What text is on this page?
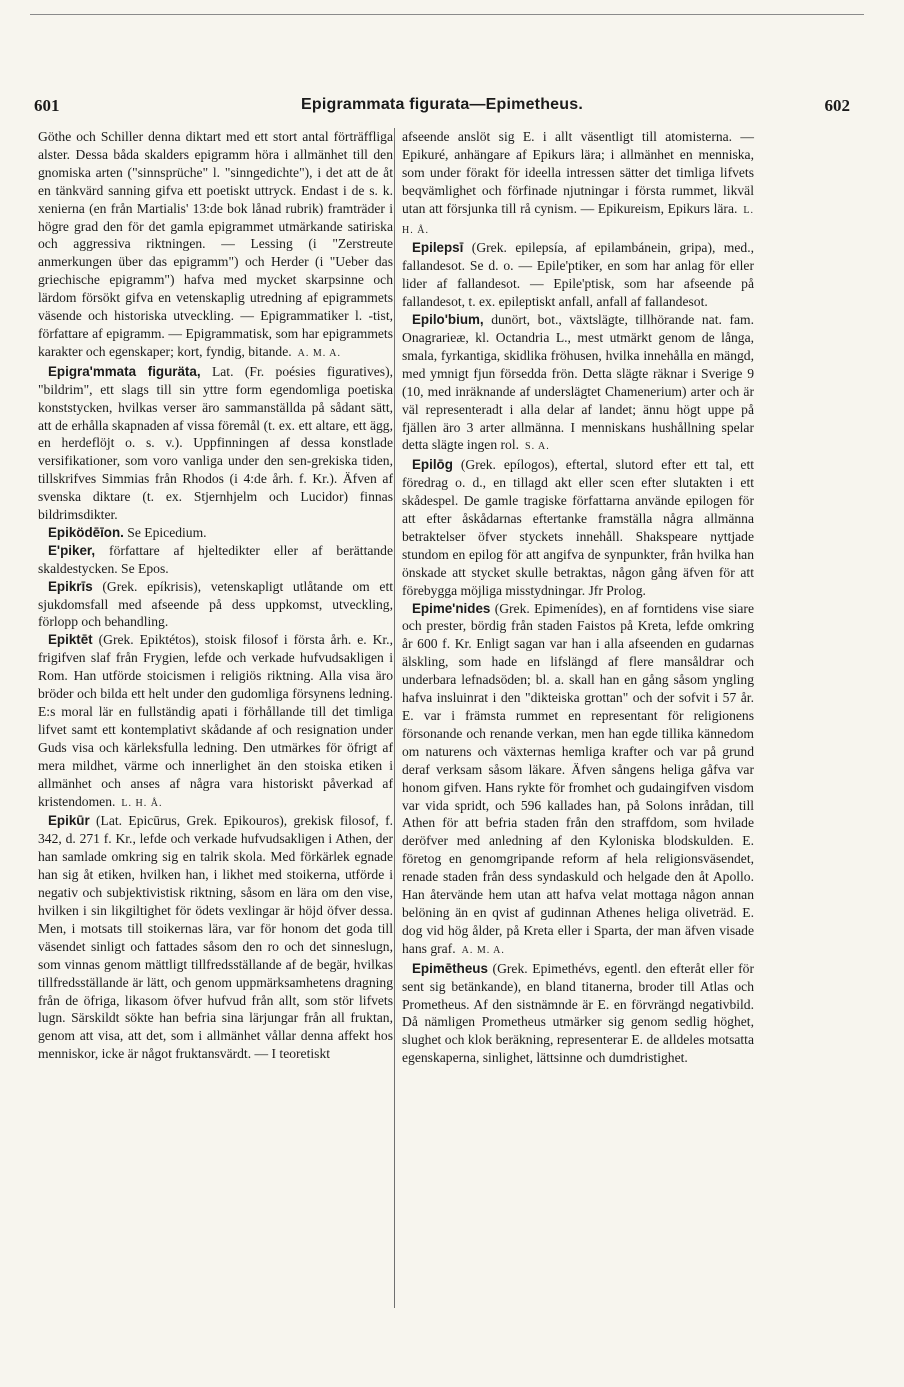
601	Epigrammata figurata—Epimetheus.	602

Göthe och Schiller denna diktart med ett stort antal förträffliga alster. Dessa båda skalders epigramm höra i allmänhet till den gnomiska arten ("sinnsprüche" l. "sinngedichte"), i det att de åt en tänkvärd sanning gifva ett poetiskt uttryck. Endast i de s. k. xenierna (en från Martialis' 13:de bok lånad rubrik) framträder i högre grad den för det gamla epigrammet utmärkande satiriska och aggressiva riktningen. — Lessing (i "Zerstreute anmerkungen über das epigramm") och Herder (i "Ueber das griechische epigramm") hafva med mycket skarpsinne och lärdom försökt gifva en vetenskaplig utredning af epigrammets väsende och historiska utveckling. — Epigrammatiker l. -tist, författare af epigramm. — Epigrammatisk, som har epigrammets karakter och egenskaper; kort, fyndig, bitande. A. M. A.

Epigra'mmata figuräta, Lat. (Fr. poésies figuratives), "bildrim", ett slags till sin yttre form egendomliga poetiska konststycken, hvilkas verser äro sammanställda på sådant sätt, att de erhålla skapnaden af vissa föremål (t. ex. ett altare, ett ägg, en herdeflöjt o. s. v.). Uppfinningen af dessa konstlade versifikationer, som voro vanliga under den sen-grekiska tiden, tillskrifves Simmias från Rhodos (i 4:de årh. f. Kr.). Äfven af svenska diktare (t. ex. Stjernhjelm och Lucidor) finnas bildrimsdikter.

Epiködēīon. Se Epicedium.

E'piker, författare af hjeltedikter eller af berättande skaldestycken. Se Epos.

Epikrīs (Grek. epíkrisis), vetenskapligt utlåtande om ett sjukdomsfall med afseende på dess uppkomst, utveckling, förlopp och behandling.

Epiktēt (Grek. Epiktétos), stoisk filosof i första årh. e. Kr., frigifven slaf från Frygien, lefde och verkade hufvudsakligen i Rom. Han utförde stoicismen i religiös riktning. Alla visa äro bröder och bilda ett helt under den gudomliga försynens ledning. E:s moral lär en fullständig apati i förhållande till det timliga lifvet samt ett kontemplativt skådande af och resignation under Guds visa och kärleksfulla ledning. Den utmärkes för öfrigt af mera mildhet, värme och innerlighet än den stoiska etiken i allmänhet och anses af några vara historiskt påverkad af kristendomen. L. H. Å.

Epikūr (Lat. Epicūrus, Grek. Epikouros), grekisk filosof, f. 342, d. 271 f. Kr., lefde och verkade hufvudsakligen i Athen, der han samlade omkring sig en talrik skola. Med förkärlek egnade han sig åt etiken, hvilken han, i likhet med stoikerna, utförde i negativ och subjektivistisk riktning, såsom en lära om den vise, hvilken i sin likgiltighet för ödets vexlingar är höjd öfver dessa. Men, i motsats till stoikernas lära, var för honom det goda till väsendet sinligt och fattades såsom den ro och det sinneslugn, som vinnas genom mättligt tillfredsställande af de begär, hvilkas tillfredsställande är lätt, och genom uppmärksamhetens dragning från de öfriga, likasom öfver hufvud från allt, som stör lifvets lugn. Särskildt sökte han befria sina lärjungar från all fruktan, genom att visa, att det, som i allmänhet vållar denna affekt hos menniskor, icke är något fruktansvärdt. — I teoretiskt

afseende anslöt sig E. i allt väsentligt till atomisterna. — Epikuré, anhängare af Epikurs lära; i allmänhet en menniska, som under förakt för ideella intressen sätter det timliga lifvets beqvämlighet och förfinade njutningar i första rummet, likväl utan att försjunka till rå cynism. — Epikureism, Epikurs lära. L. H. Å.

Epilepsī (Grek. epilepsía, af epilambánein, gripa), med., fallandesot. Se d. o. — Epile'ptiker, en som har anlag för eller lider af fallandesot. — Epile'ptisk, som har afseende på fallandesot, t. ex. epileptiskt anfall, anfall af fallandesot.

Epilo'bium, dunört, bot., växtslägte, tillhörande nat. fam. Onagrarieæ, kl. Octandria L., mest utmärkt genom de långa, smala, fyrkantiga, skidlika fröhusen, hvilka innehålla en mängd, med ymnigt fjun försedda frön. Detta slägte räknar i Sverige 9 (10, med inräknande af underslägtet Chamenerium) arter och är väl representeradt i alla delar af landet; ännu högt uppe på fjällen äro 3 arter allmänna. I menniskans hushållning spelar detta slägte ingen rol. S. A.

Epilōg (Grek. epílogos), eftertal, slutord efter ett tal, ett föredrag o. d., en tillagd akt eller scen efter slutakten i ett skådespel. De gamle tragiske författarna använde epilogen för att efter åskådarnas eftertanke framställa några allmänna betraktelser öfver styckets innehåll. Shakspeare nyttjade stundom en epilog för att angifva de synpunkter, från hvilka han önskade att stycket skulle betraktas, någon gång äfven för att förebygga möjliga misstydningar. Jfr Prolog.

Epime'nides (Grek. Epimenídes), en af forntidens vise siare och prester, bördig från staden Faistos på Kreta, lefde omkring år 600 f. Kr. Enligt sagan var han i alla afseenden en gudarnas älskling, som hade en lifslängd af flere mansåldrar och underbara lefnadsöden; bl. a. skall han en gång såsom yngling hafva insluinrat i den "dikteiska grottan" och der sofvit i 57 år. E. var i främsta rummet en representant för religionens försonande och renande verkan, men han egde tillika kännedom om naturens och växternas hemliga krafter och var på grund deraf verksam såsom läkare. Äfven sångens heliga gåfva var honom gifven. Hans rykte för fromhet och gudaingifven visdom var vida spridt, och 596 kallades han, på Solons inrådan, till Athen för att befria staden från den straffdom, som hvilade deröfver med anledning af den Kyloniska blodskulden. E. företog en genomgripande reform af hela religionsväsendet, renade staden från dess syndaskuld och helgade den åt Apollo. Han återvände hem utan att hafva velat mottaga någon annan belöning än en qvist af gudinnan Athenes heliga oliveträd. E. dog vid hög ålder, på Kreta eller i Sparta, der man äfven visade hans graf. A. M. A.

Epimētheus (Grek. Epimethévs, egentl. den efteråt eller för sent sig betänkande), en bland titanerna, broder till Atlas och Prometheus. Af den sistnämnde är E. en förvrängd negativbild. Då nämligen Prometheus utmärker sig genom sedlig höghet, slughet och klok beräkning, representerar E. de alldeles motsatta egenskaperna, sinlighet, lättsinne och dumdristighet.
